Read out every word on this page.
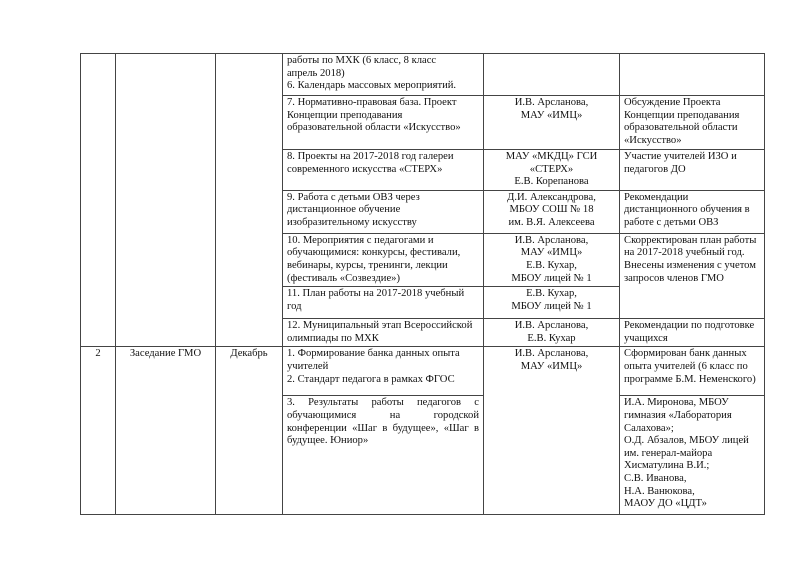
			работы по МХК (6 класс, 8 класс
апрель 2018)
6. Календарь массовых мероприятий.		

			7. Нормативно-правовая база. Проект Концепции преподавания образовательной области «Искусство»	И.В. Арсланова,
МАУ «ИМЦ»	Обсуждение Проекта Концепции преподавания образовательной области «Искусство»
			8. Проекты на 2017-2018 год галереи современного искусства «СТЕРХ»	МАУ «МКДЦ» ГСИ
«СТЕРХ»
Е.В. Корепанова	Участие учителей ИЗО и педагогов ДО
			9. Работа с детьми ОВЗ через дистанционное обучение изобразительному искусству	Д.И. Александрова,
МБОУ СОШ № 18
им. В.Я. Алексеева	Рекомендации дистанционного обучения в работе с детьми ОВЗ
			10. Мероприятия с педагогами и обучающимися: конкурсы, фестивали, вебинары, курсы, тренинги, лекции (фестиваль «Созвездие»)	И.В. Арсланова,
МАУ «ИМЦ»
Е.В. Кухар,
МБОУ лицей № 1	Скорректирован план работы на 2017-2018 учебный год. Внесены изменения с учетом запросов членов ГМО
			11. План работы на 2017-2018 учебный год	Е.В. Кухар,
МБОУ лицей № 1	

			12. Муниципальный этап Всероссийской олимпиады по МХК	И.В. Арсланова,
Е.В. Кухар	Рекомендации по подготовке учащихся
2	Заседание ГМО	Декабрь	1. Формирование банка данных опыта учителей
2. Стандарт педагога в рамках ФГОС	И.В. Арсланова,
МАУ «ИМЦ»	Сформирован банк данных опыта учителей (6 класс по программе Б.М. Неменского)
			3. Результаты работы педагогов с обучающимися на городской конференции «Шаг в будущее», «Шаг в будущее. Юниор»		И.А. Миронова, МБОУ гимназия «Лаборатория Салахова»;
О.Д. Абзалов, МБОУ лицей им. генерал-майора Хисматулина В.И.;
С.В. Иванова,
Н.А. Ванюкова,
МАОУ ДО «ЦДТ»
